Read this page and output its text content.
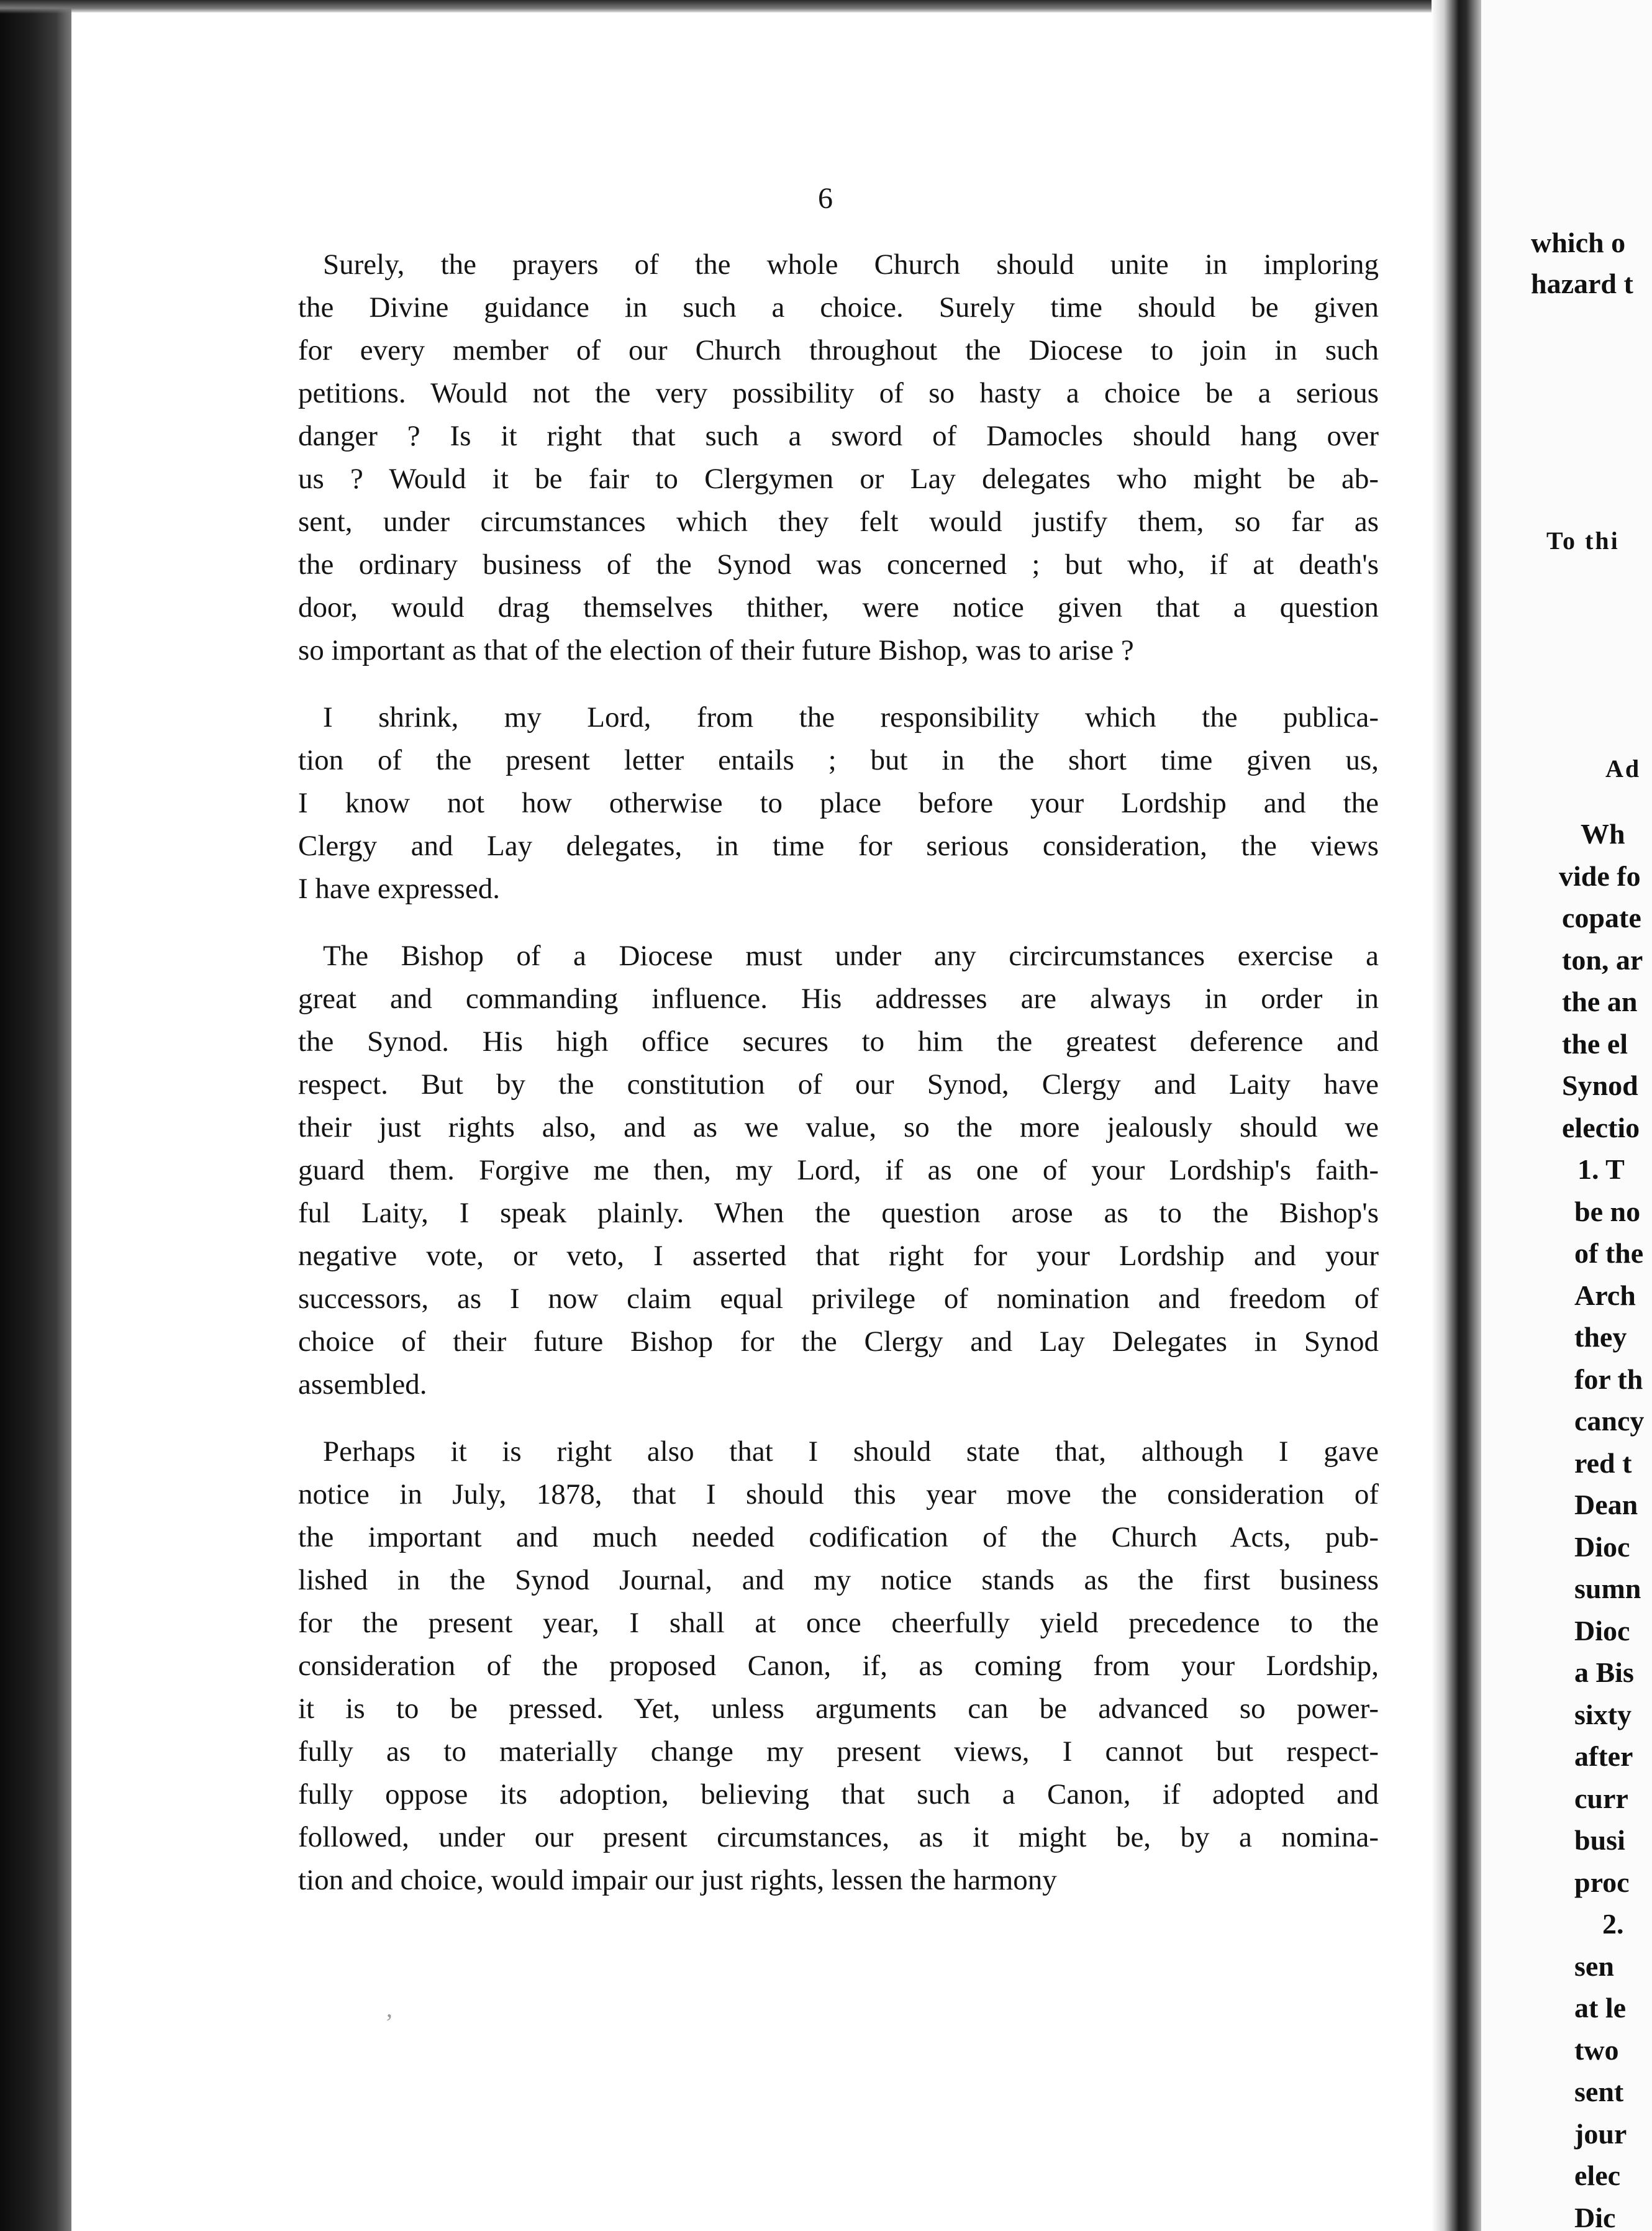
6
Surely, the prayers of the whole Church should unite in imploring
the Divine guidance in such a choice. Surely time should be given
for every member of our Church throughout the Diocese to join in such
petitions. Would not the very possibility of so hasty a choice be a serious
danger ? Is it right that such a sword of Damocles should hang over
us ? Would it be fair to Clergymen or Lay delegates who might be ab-
sent, under circumstances which they felt would justify them, so far as
the ordinary business of the Synod was concerned ; but who, if at death's
door, would drag themselves thither, were notice given that a question
so important as that of the election of their future Bishop, was to arise ?
I shrink, my Lord, from the responsibility which the publica-
tion of the present letter entails ; but in the short time given us,
I know not how otherwise to place before your Lordship and the
Clergy and Lay delegates, in time for serious consideration, the views
I have expressed.
The Bishop of a Diocese must under any circircumstances exercise a
great and commanding influence. His addresses are always in order in
the Synod. His high office secures to him the greatest deference and
respect. But by the constitution of our Synod, Clergy and Laity have
their just rights also, and as we value, so the more jealously should we
guard them. Forgive me then, my Lord, if as one of your Lordship's faith-
ful Laity, I speak plainly. When the question arose as to the Bishop's
negative vote, or veto, I asserted that right for your Lordship and your
successors, as I now claim equal privilege of nomination and freedom of
choice of their future Bishop for the Clergy and Lay Delegates in Synod
assembled.
Perhaps it is right also that I should state that, although I gave
notice in July, 1878, that I should this year move the consideration of
the important and much needed codification of the Church Acts, pub-
lished in the Synod Journal, and my notice stands as the first business
for the present year, I shall at once cheerfully yield precedence to the
consideration of the proposed Canon, if, as coming from your Lordship,
it is to be pressed. Yet, unless arguments can be advanced so power-
fully as to materially change my present views, I cannot but respect-
fully oppose its adoption, believing that such a Canon, if adopted and
followed, under our present circumstances, as it might be, by a nomina-
tion and choice, would impair our just rights, lessen the harmony
‚
which o
hazard t
To thi
Ad
Wh
vide fo
copate
ton, ar
the an
the el
Synod
electio
1. T
be no
of the
Arch
they
for th
cancy
red t
Dean
Dioc
sumn
Dioc
a Bis
sixty
after
curr
busi
proc
2.
sen
at le
two
sent
jour
elec
Dic
